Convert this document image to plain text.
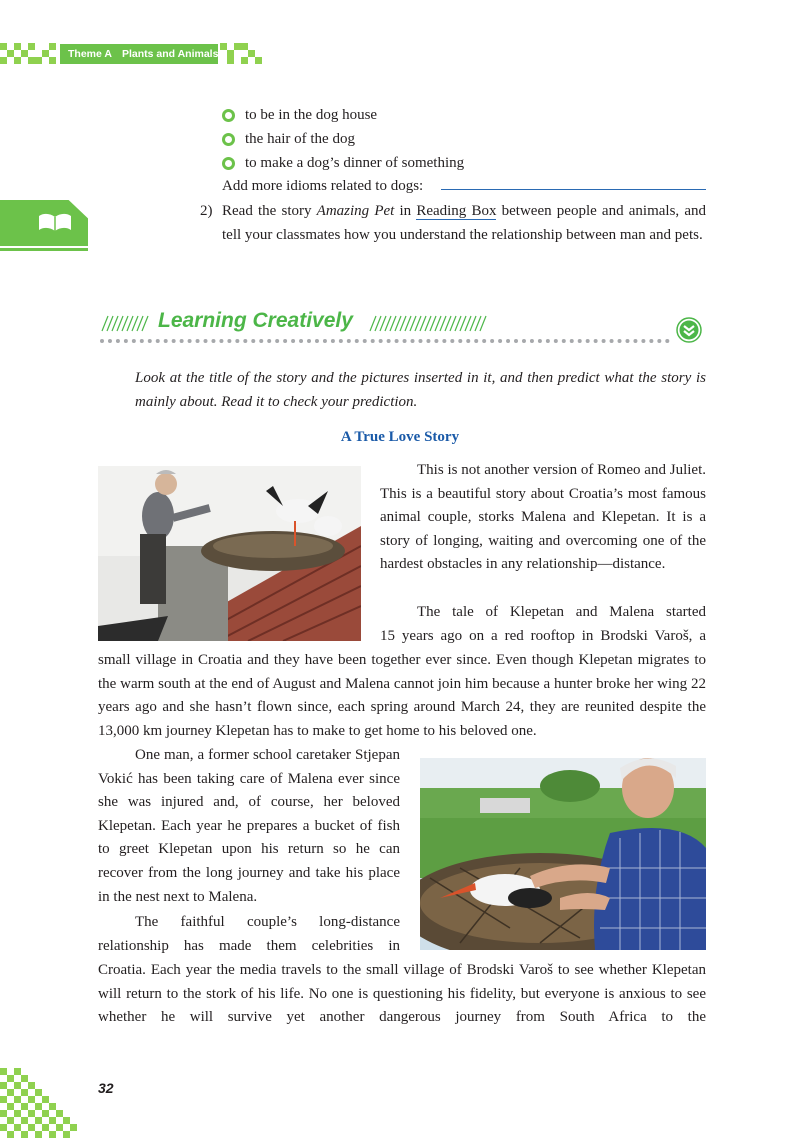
Theme A Plants and Animals
to be in the dog house
the hair of the dog
to make a dog’s dinner of something
Add more idioms related to dogs:
2) Read the story Amazing Pet in Reading Box between people and animals, and tell your classmates how you understand the relationship between man and pets.
Learning Creatively
Look at the title of the story and the pictures inserted in it, and then predict what the story is mainly about. Read it to check your prediction.
A True Love Story
This is not another version of Romeo and Juliet. This is a beautiful story about Croatia’s most famous animal couple, storks Malena and Klepetan. It is a story of longing, waiting and overcoming one of the hardest obstacles in any relationship—distance.
The tale of Klepetan and Malena started
15 years ago on a red rooftop in Brodski Varoš, a
small village in Croatia and they have been together ever since. Even though Klepetan migrates to the warm south at the end of August and Malena cannot join him because a hunter broke her wing 22 years ago and she hasn’t flown since, each spring around March 24, they are reunited despite the 13,000 km journey Klepetan has to make to get home to his beloved one.
One man, a former school caretaker Stjepan Vokić has been taking care of Malena ever since she was injured and, of course, her beloved Klepetan. Each year he prepares a bucket of fish to greet Klepetan upon his return so he can recover from the long journey and take his place in the nest next to Malena.
The faithful couple’s long-distance relationship has made them celebrities in
Croatia. Each year the media travels to the small village of Brodski Varoš to see whether Klepetan will return to the stork of his life. No one is questioning his fidelity, but everyone is anxious to see whether he will survive yet another dangerous journey from South Africa to the
32
